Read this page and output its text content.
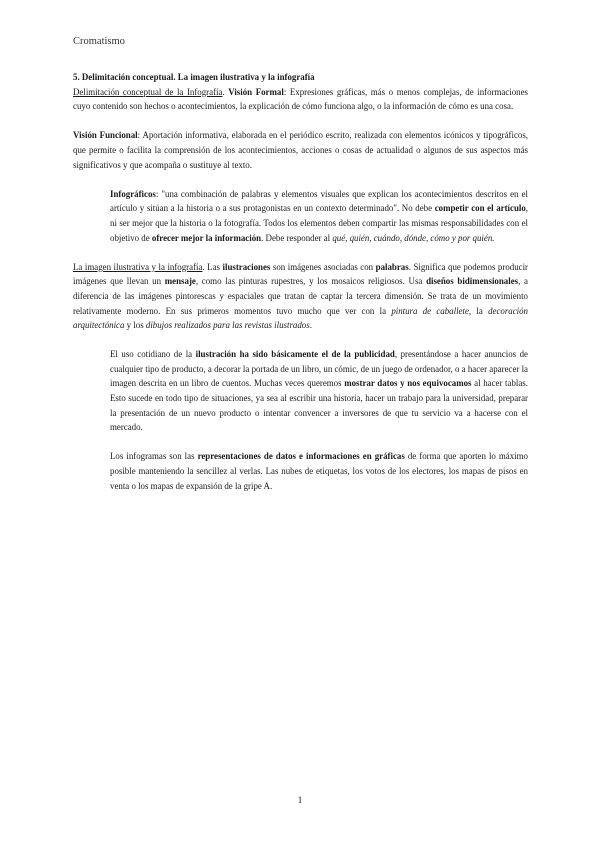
Cromatismo

5. Delimitación conceptual. La imagen ilustrativa y la infografía

Delimitación conceptual de la Infografía. Visión Formal: Expresiones gráficas, más o menos complejas, de informaciones cuyo contenido son hechos o acontecimientos, la explicación de cómo funciona algo, o la información de cómo es una cosa.

Visión Funcional: Aportación informativa, elaborada en el periódico escrito, realizada con elementos icónicos y tipográficos, que permite o facilita la comprensión de los acontecimientos, acciones o cosas de actualidad o algunos de sus aspectos más significativos y que acompaña o sustituye al texto.

Infográficos: "una combinación de palabras y elementos visuales que explican los acontecimientos descritos en el artículo y sitúan a la historia o a sus protagonistas en un contexto determinado". No debe competir con el artículo, ni ser mejor que la historia o la fotografía. Todos los elementos deben compartir las mismas responsabilidades con el objetivo de ofrecer mejor la información. Debe responder al qué, quién, cuándo, dónde, cómo y por quién.

La imagen ilustrativa y la infografía. Las ilustraciones son imágenes asociadas con palabras. Significa que podemos producir imágenes que llevan un mensaje, como las pinturas rupestres, y los mosaicos religiosos. Usa diseños bidimensionales, a diferencia de las imágenes pintorescas y espaciales que tratan de captar la tercera dimensión. Se trata de un movimiento relativamente moderno. En sus primeros momentos tuvo mucho que ver con la pintura de caballete, la decoración arquitectónica y los dibujos realizados para las revistas ilustrados.

El uso cotidiano de la ilustración ha sido básicamente el de la publicidad, presentándose a hacer anuncios de cualquier tipo de producto, a decorar la portada de un libro, un cómic, de un juego de ordenador, o a hacer aparecer la imagen descrita en un libro de cuentos. Muchas veces queremos mostrar datos y nos equivocamos al hacer tablas. Esto sucede en todo tipo de situaciones, ya sea al escribir una historia, hacer un trabajo para la universidad, preparar la presentación de un nuevo producto o intentar convencer a inversores de que tu servicio va a hacerse con el mercado.

Los infogramas son las representaciones de datos e informaciones en gráficas de forma que aporten lo máximo posible manteniendo la sencillez al verlas. Las nubes de etiquetas, los votos de los electores, los mapas de pisos en venta o los mapas de expansión de la gripe A.

1
